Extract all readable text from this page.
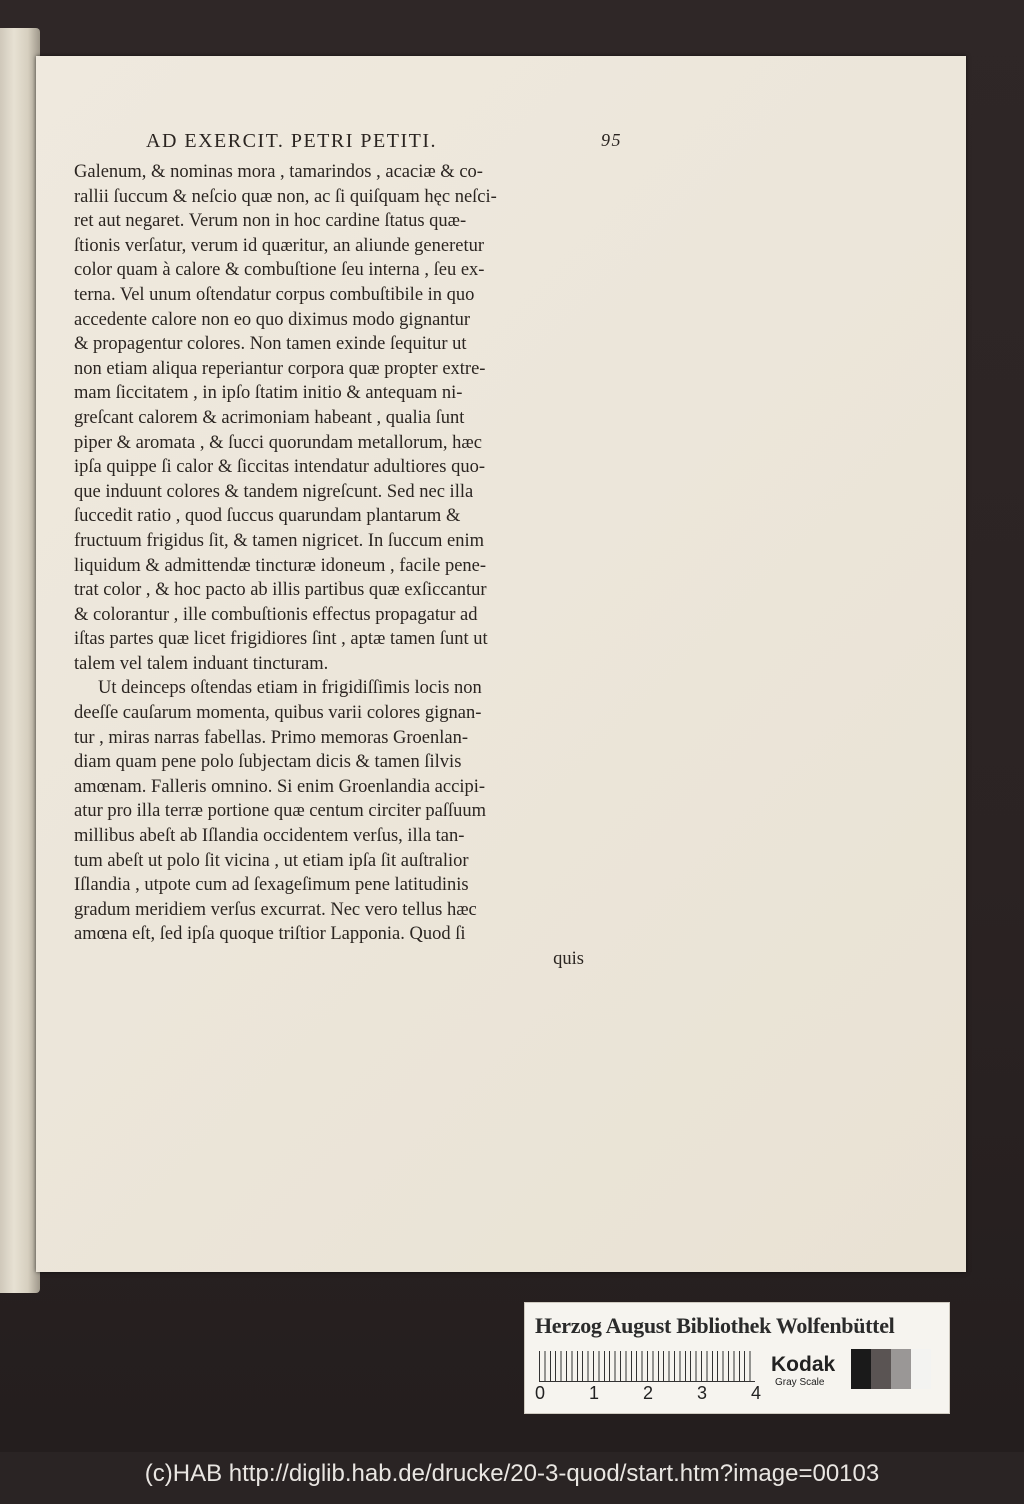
AD EXERCIT. PETRI PETITI.	95
Galenum, & nominas mora , tamarindos , acaciæ & co-
rallii ſuccum & neſcio quæ non, ac ſi quiſquam hęc neſci-
ret aut negaret. Verum non in hoc cardine ſtatus quæ-
ſtionis verſatur, verum id quæritur, an aliunde generetur
color quam à calore & combuſtione ſeu interna , ſeu ex-
terna. Vel unum oſtendatur corpus combuſtibile in quo
accedente calore non eo quo diximus modo gignantur
& propagentur colores. Non tamen exinde ſequitur ut
non etiam aliqua reperiantur corpora quæ propter extre-
mam ſiccitatem , in ipſo ſtatim initio & antequam ni-
greſcant calorem & acrimoniam habeant , qualia ſunt
piper & aromata , & ſucci quorundam metallorum, hæc
ipſa quippe ſi calor & ſiccitas intendatur adultiores quo-
que induunt colores & tandem nigreſcunt. Sed nec illa
ſuccedit ratio , quod ſuccus quarundam plantarum &
fructuum frigidus ſit, & tamen nigricet. In ſuccum enim
liquidum & admittendæ tincturæ idoneum , facile pene-
trat color , & hoc pacto ab illis partibus quæ exſiccantur
& colorantur , ille combuſtionis effectus propagatur ad
iſtas partes quæ licet frigidiores ſint , aptæ tamen ſunt ut
talem vel talem induant tincturam.
Ut deinceps oſtendas etiam in frigidiſſimis locis non
deeſſe cauſarum momenta, quibus varii colores gignan-
tur , miras narras fabellas. Primo memoras Groenlan-
diam quam pene polo ſubjectam dicis & tamen ſilvis
amœnam. Falleris omnino. Si enim Groenlandia accipi-
atur pro illa terræ portione quæ centum circiter paſſuum
millibus abeſt ab Iſlandia occidentem verſus, illa tan-
tum abeſt ut polo ſit vicina , ut etiam ipſa ſit auſtralior
Iſlandia , utpote cum ad ſexageſimum pene latitudinis
gradum meridiem verſus excurrat. Nec vero tellus hæc
amœna eſt, ſed ipſa quoque triſtior Lapponia. Quod ſi
quis
Herzog August Bibliothek Wolfenbüttel
0 1 2 3 4
Kodak
Gray Scale
(c)HAB http://diglib.hab.de/drucke/20-3-quod/start.htm?image=00103
